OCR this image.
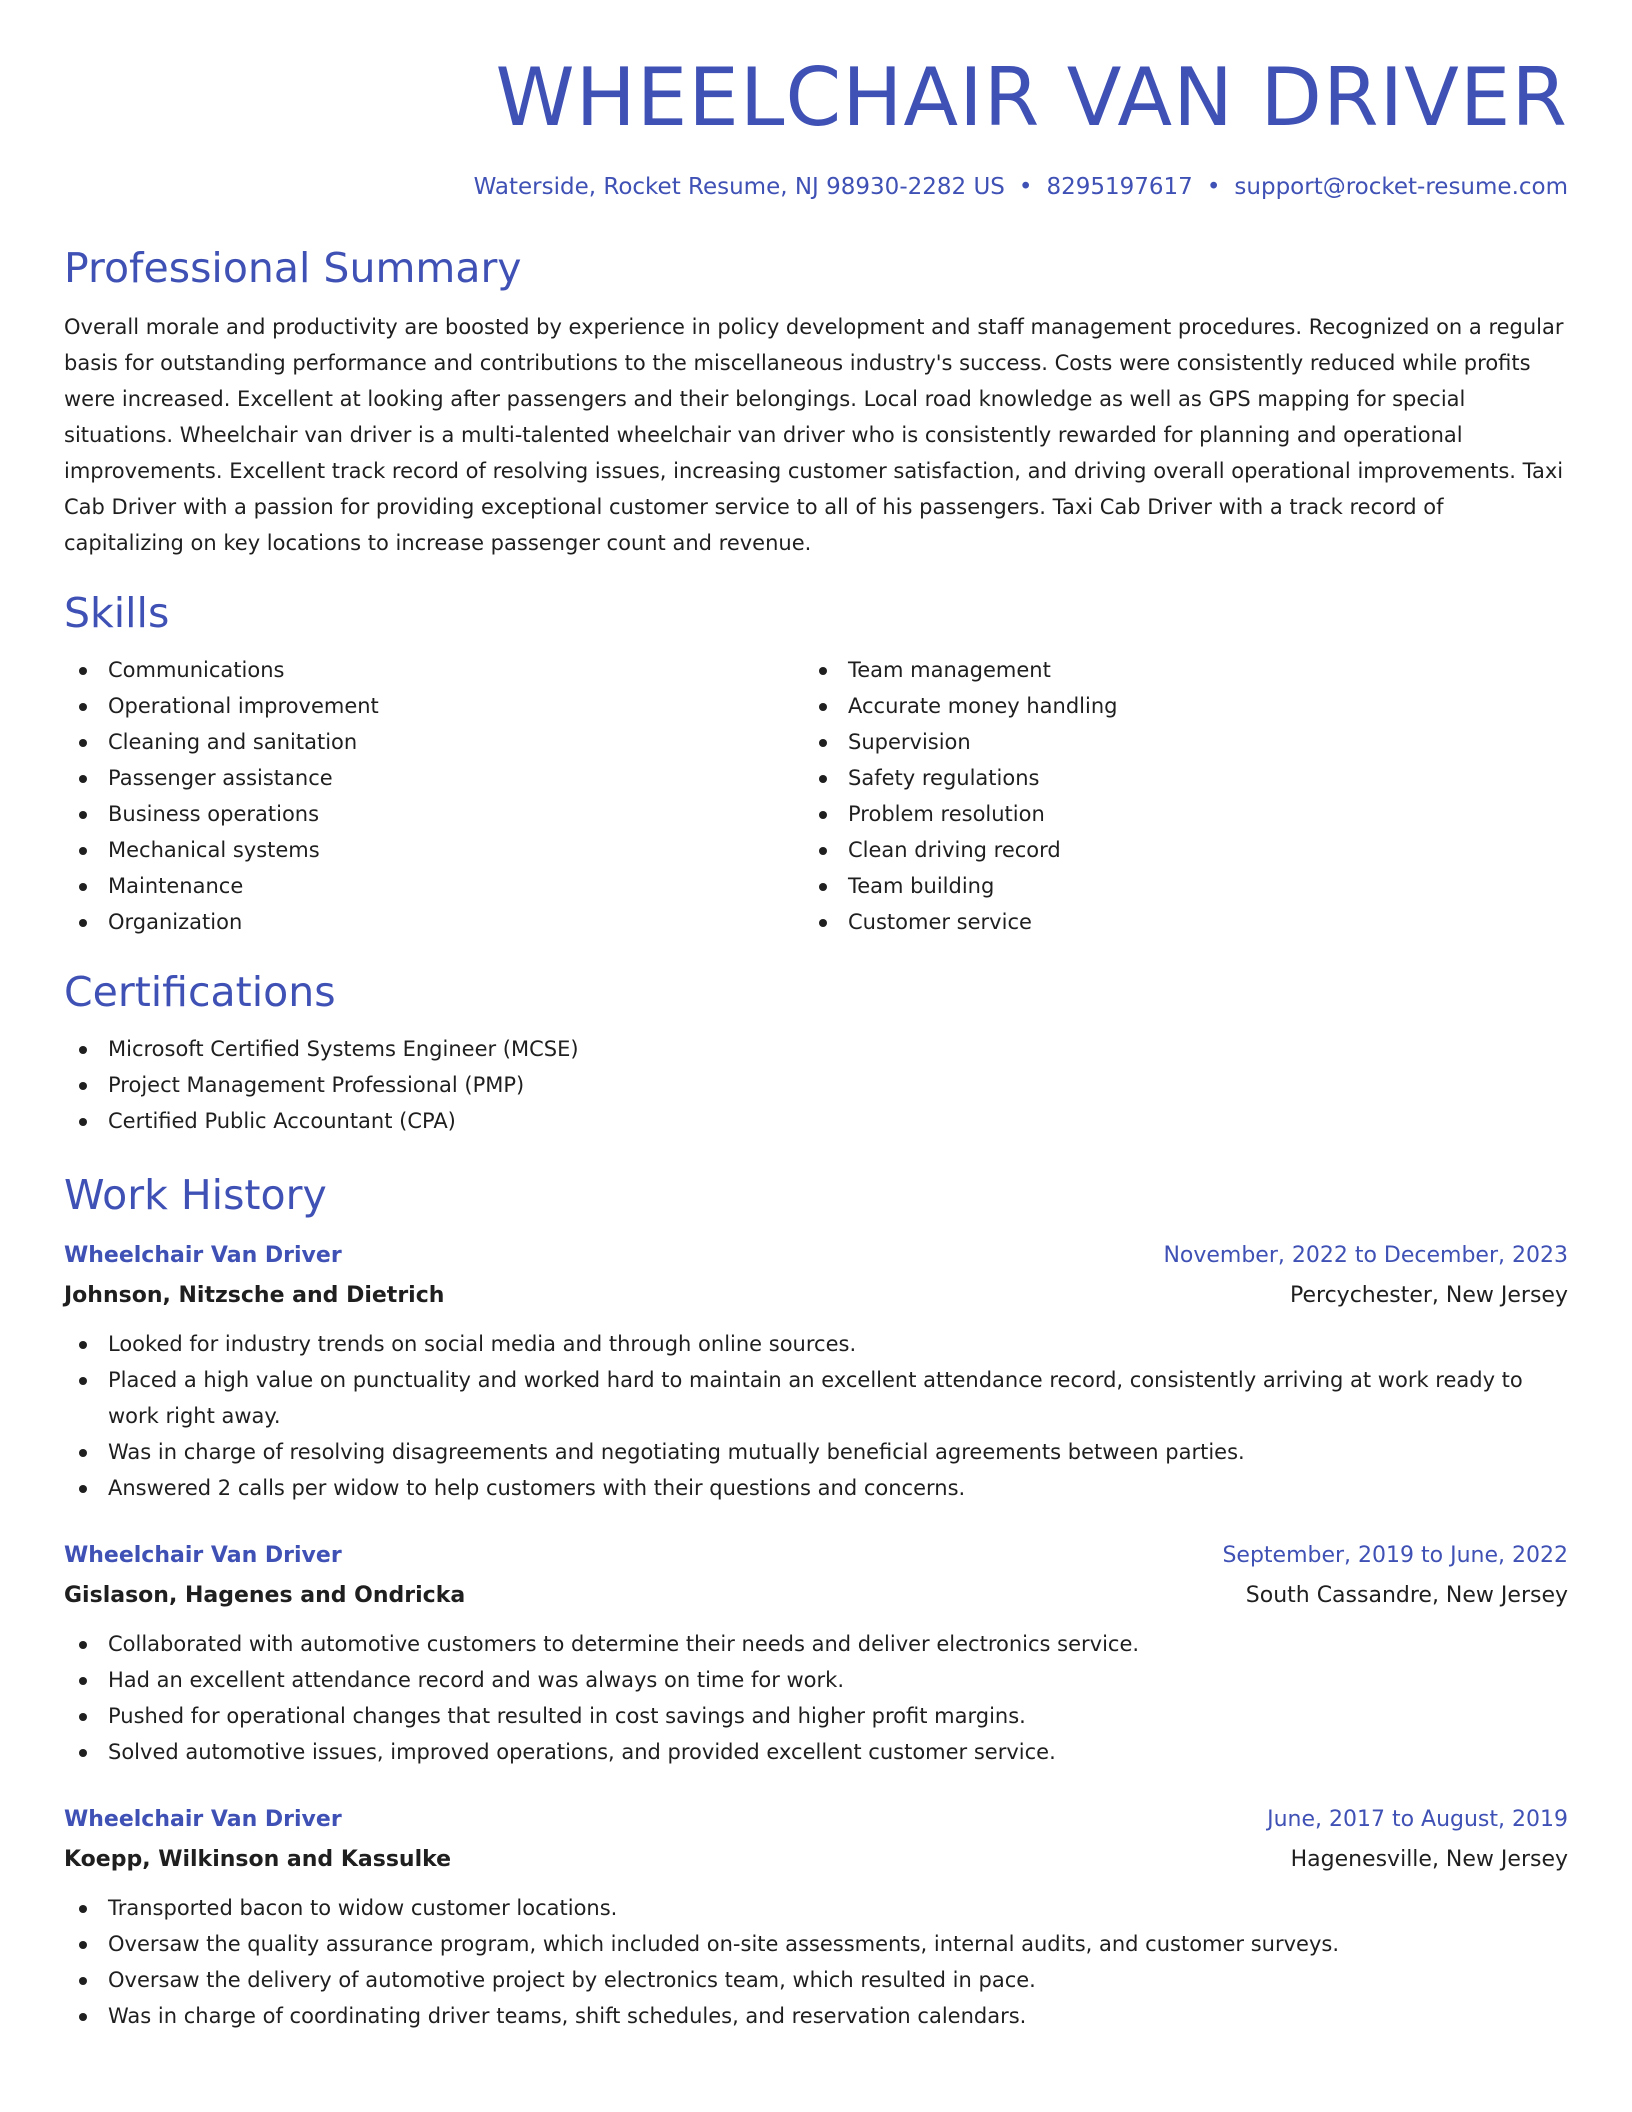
WHEELCHAIR VAN DRIVER
Waterside, Rocket Resume, NJ 98930-2282 US • 8295197617 • support@rocket-resume.com
Professional Summary
Overall morale and productivity are boosted by experience in policy development and staff management procedures. Recognized on a regular basis for outstanding performance and contributions to the miscellaneous industry's success. Costs were consistently reduced while profits were increased. Excellent at looking after passengers and their belongings. Local road knowledge as well as GPS mapping for special situations. Wheelchair van driver is a multi-talented wheelchair van driver who is consistently rewarded for planning and operational improvements. Excellent track record of resolving issues, increasing customer satisfaction, and driving overall operational improvements. Taxi Cab Driver with a passion for providing exceptional customer service to all of his passengers. Taxi Cab Driver with a track record of capitalizing on key locations to increase passenger count and revenue.
Skills
Communications
Operational improvement
Cleaning and sanitation
Passenger assistance
Business operations
Mechanical systems
Maintenance
Organization
Team management
Accurate money handling
Supervision
Safety regulations
Problem resolution
Clean driving record
Team building
Customer service
Certifications
Microsoft Certified Systems Engineer (MCSE)
Project Management Professional (PMP)
Certified Public Accountant (CPA)
Work History
Wheelchair Van Driver	November, 2022 to December, 2023
Johnson, Nitzsche and Dietrich	Percychester, New Jersey
Looked for industry trends on social media and through online sources.
Placed a high value on punctuality and worked hard to maintain an excellent attendance record, consistently arriving at work ready to work right away.
Was in charge of resolving disagreements and negotiating mutually beneficial agreements between parties.
Answered 2 calls per widow to help customers with their questions and concerns.
Wheelchair Van Driver	September, 2019 to June, 2022
Gislason, Hagenes and Ondricka	South Cassandre, New Jersey
Collaborated with automotive customers to determine their needs and deliver electronics service.
Had an excellent attendance record and was always on time for work.
Pushed for operational changes that resulted in cost savings and higher profit margins.
Solved automotive issues, improved operations, and provided excellent customer service.
Wheelchair Van Driver	June, 2017 to August, 2019
Koepp, Wilkinson and Kassulke	Hagenesville, New Jersey
Transported bacon to widow customer locations.
Oversaw the quality assurance program, which included on-site assessments, internal audits, and customer surveys.
Oversaw the delivery of automotive project by electronics team, which resulted in pace.
Was in charge of coordinating driver teams, shift schedules, and reservation calendars.
